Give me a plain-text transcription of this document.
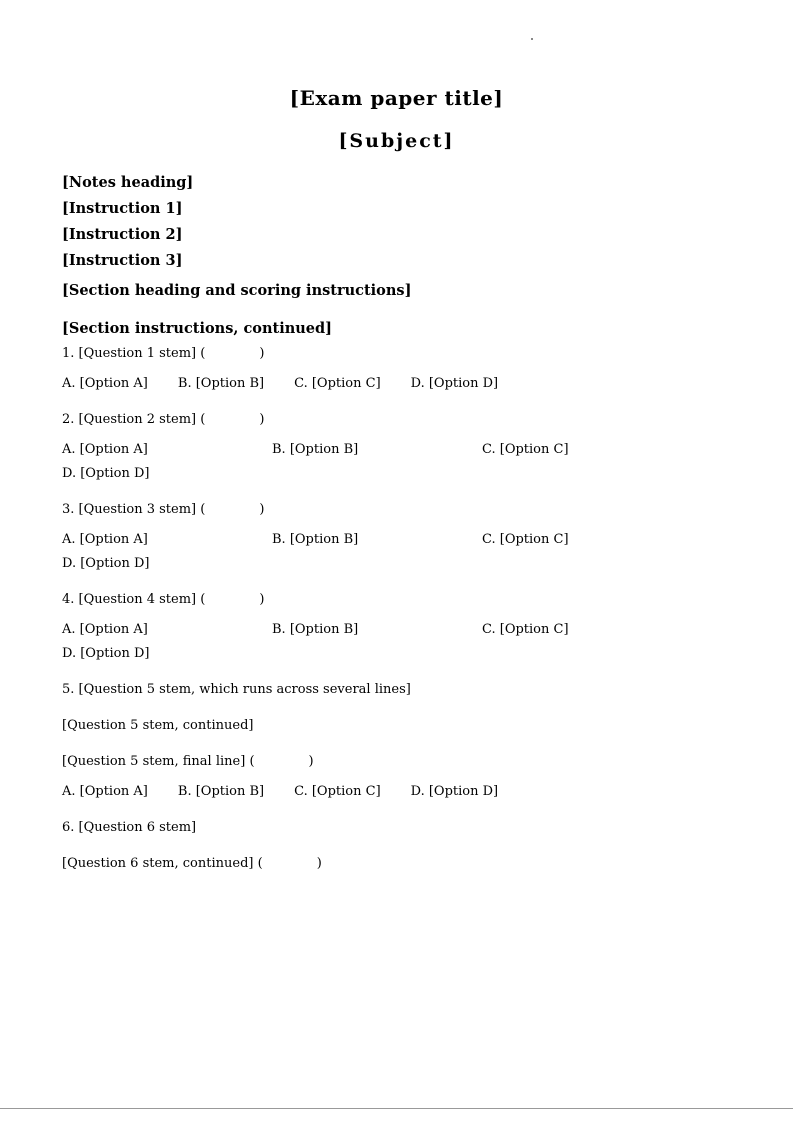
[Exam paper title]
[Subject]
[Notes heading]
[Instruction 1]
[Instruction 2]
[Instruction 3]
[Section heading and scoring instructions]
[Section instructions, continued]
1. [Question 1 stem] (	)
A. [Option A] B. [Option B] C. [Option C] D. [Option D]
2. [Question 2 stem] (	)
A. [Option A]	B. [Option B]	C. [Option C]
D. [Option D]
3. [Question 3 stem] (	)
A. [Option A]	B. [Option B]	C. [Option C]
D. [Option D]
4. [Question 4 stem] (	)
A. [Option A]	B. [Option B]	C. [Option C]
D. [Option D]
5. [Question 5 stem, which runs across several lines]
[Question 5 stem, continued]
[Question 5 stem, final line] (	)
A. [Option A] B. [Option B] C. [Option C] D. [Option D]
6. [Question 6 stem]
[Question 6 stem, continued] (	)
